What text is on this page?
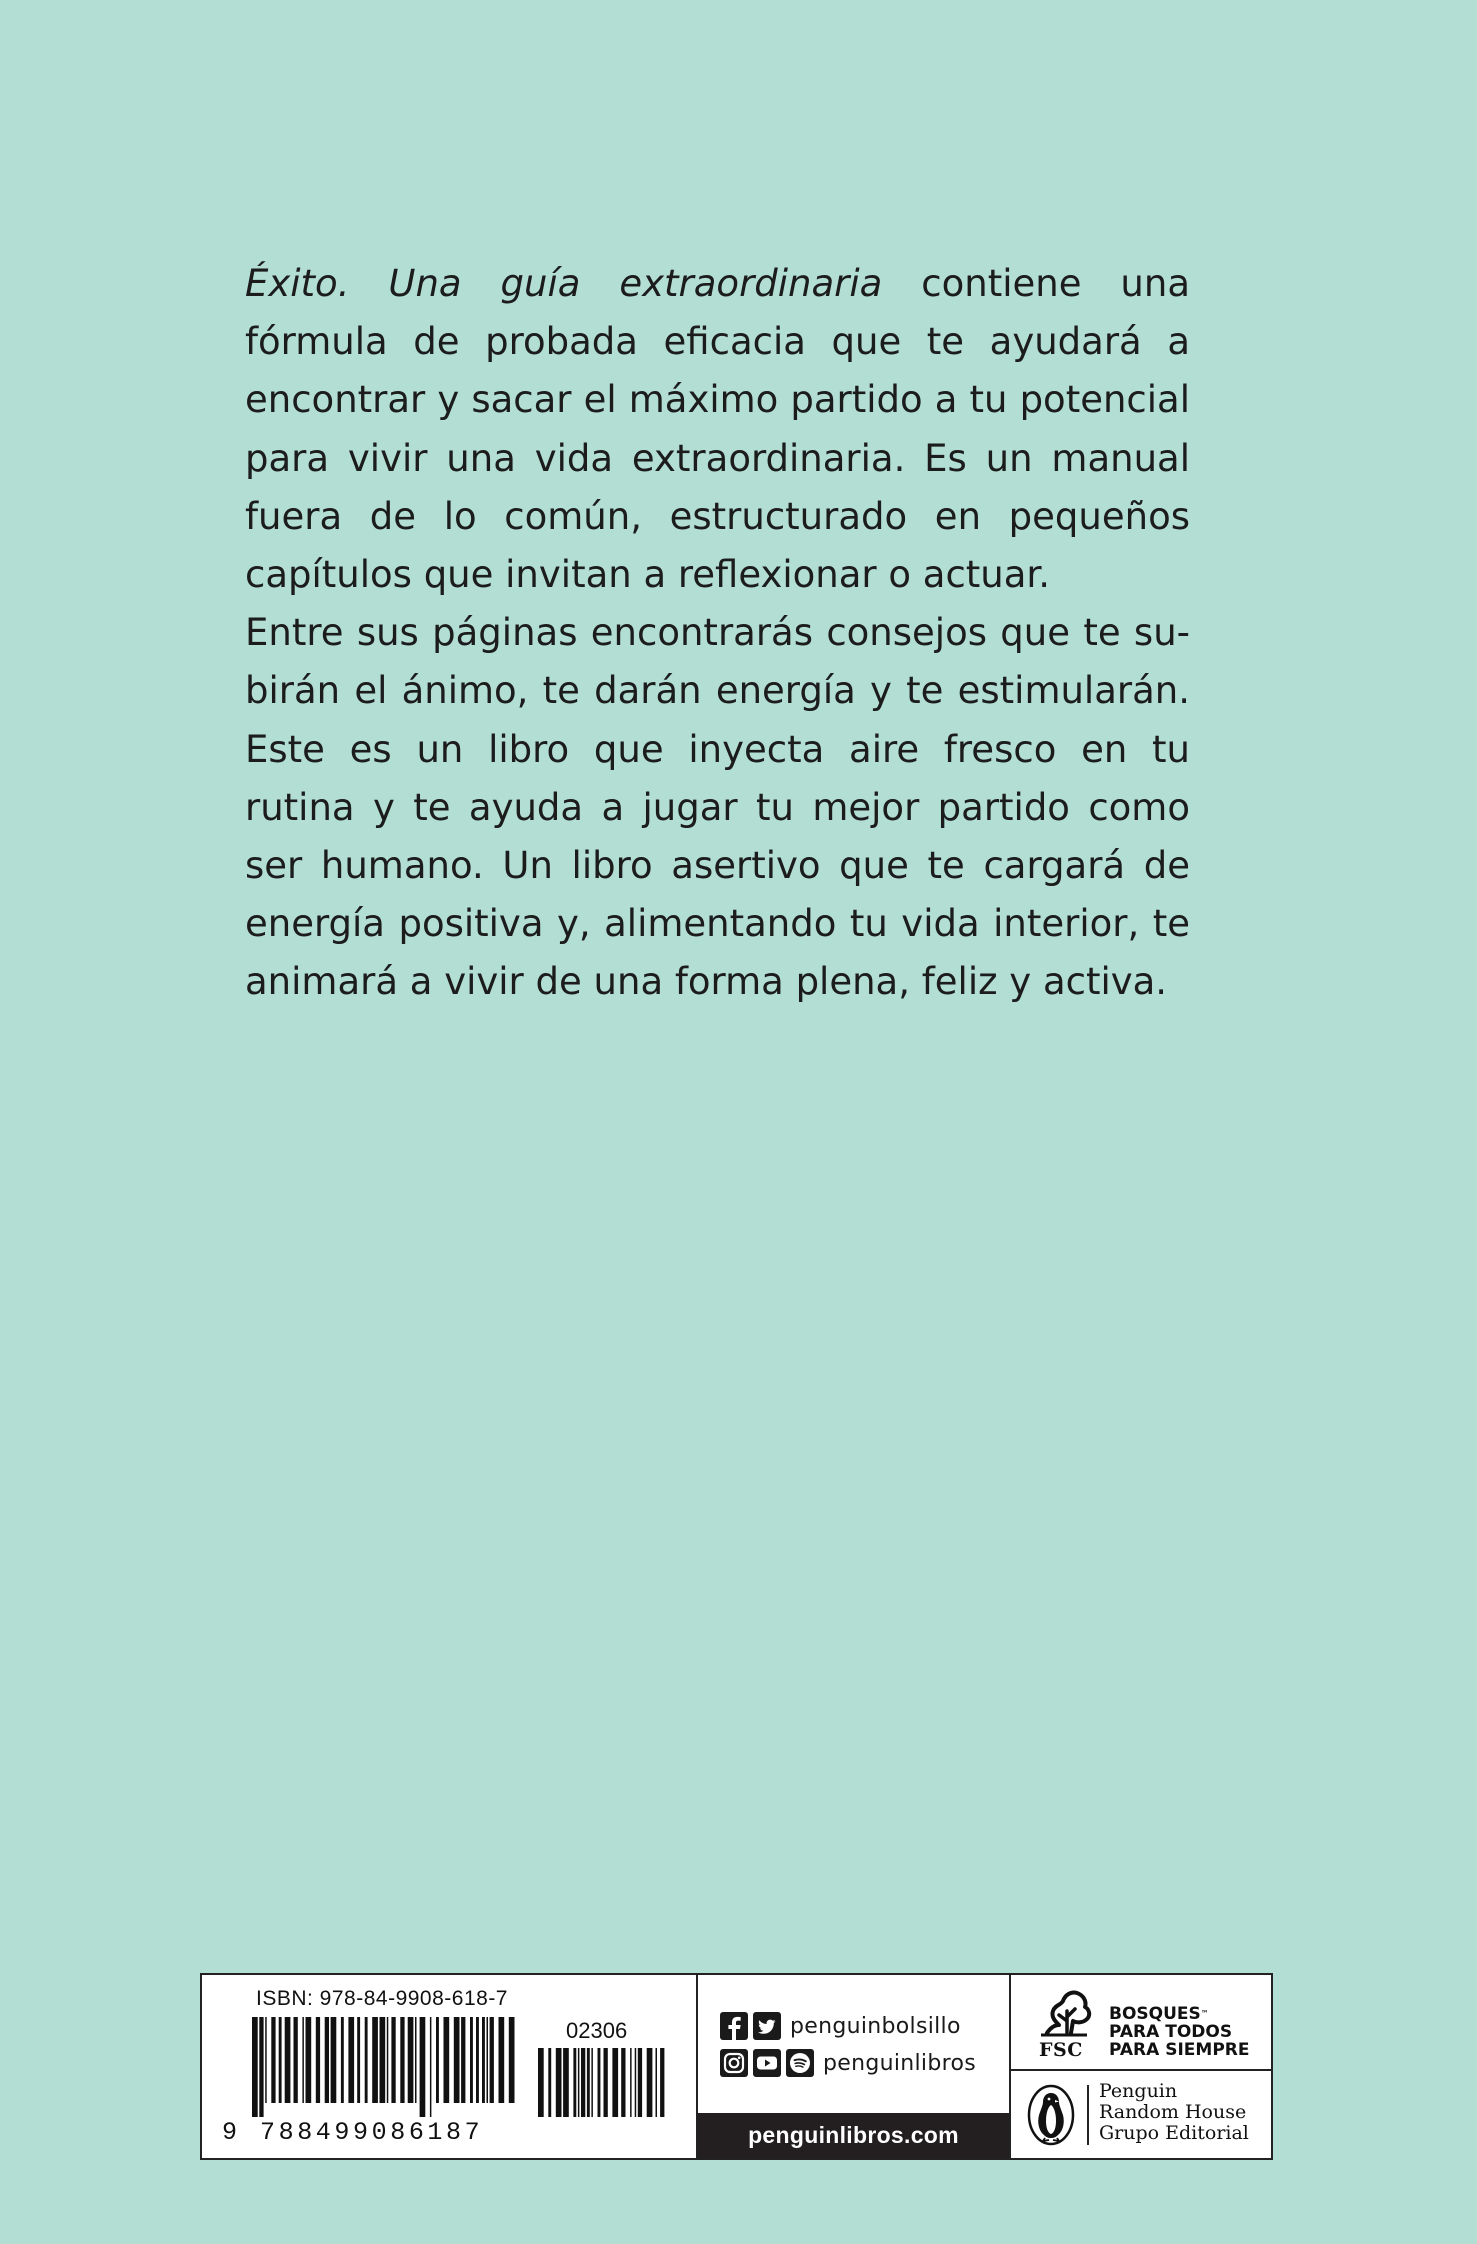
Éxito. Una guía extraordinaria contiene una fórmula de probada eficacia que te ayudará a encontrar y sacar el máximo partido a tu potencial para vivir una vida extraordinaria. Es un manual fuera de lo común, estructurado en pequeños capítulos que invitan a reflexionar o actuar.

Entre sus páginas encontrarás consejos que te subirán el ánimo, te darán energía y te estimularán. Este es un libro que inyecta aire fresco en tu rutina y te ayuda a jugar tu mejor partido como ser humano. Un libro asertivo que te cargará de energía positiva y, alimentando tu vida interior, te animará a vivir de una forma plena, feliz y activa.

ISBN: 978-84-9908-618-7
02306
9 788499086187
penguinbolsillo
penguinlibros
penguinlibros.com
FSC
BOSQUES™
PARA TODOS
PARA SIEMPRE
Penguin
Random House
Grupo Editorial
